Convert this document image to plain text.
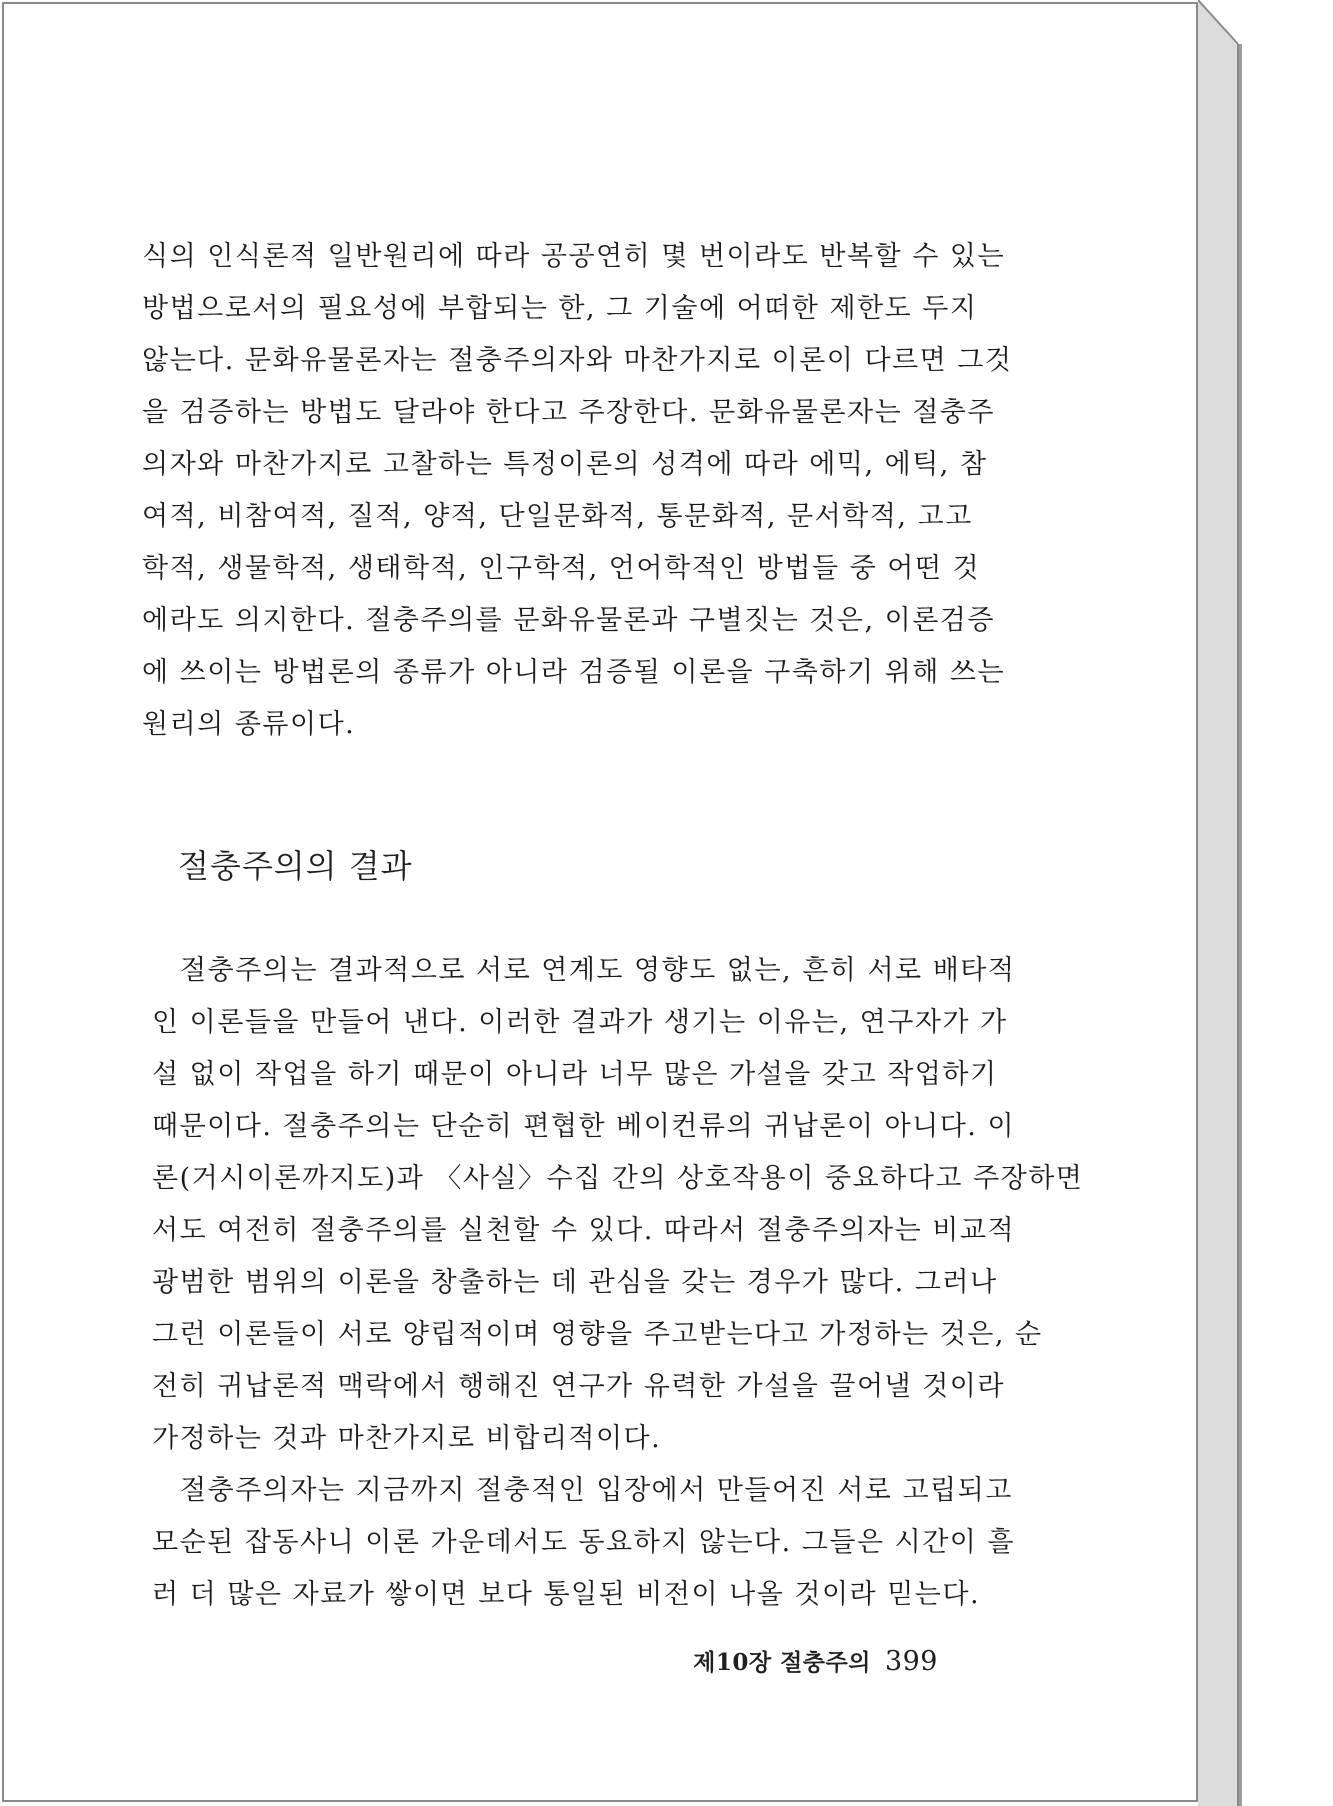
식의 인식론적 일반원리에 따라 공공연히 몇 번이라도 반복할 수 있는
방법으로서의 필요성에 부합되는 한, 그 기술에 어떠한 제한도 두지
않는다. 문화유물론자는 절충주의자와 마찬가지로 이론이 다르면 그것
을 검증하는 방법도 달라야 한다고 주장한다. 문화유물론자는 절충주
의자와 마찬가지로 고찰하는 특정이론의 성격에 따라 에믹, 에틱, 참
여적, 비참여적, 질적, 양적, 단일문화적, 통문화적, 문서학적, 고고
학적, 생물학적, 생태학적, 인구학적, 언어학적인 방법들 중 어떤 것
에라도 의지한다. 절충주의를 문화유물론과 구별짓는 것은, 이론검증
에 쓰이는 방법론의 종류가 아니라 검증될 이론을 구축하기 위해 쓰는
원리의 종류이다.
절충주의의 결과
절충주의는 결과적으로 서로 연계도 영향도 없는, 흔히 서로 배타적
인 이론들을 만들어 낸다. 이러한 결과가 생기는 이유는, 연구자가 가
설 없이 작업을 하기 때문이 아니라 너무 많은 가설을 갖고 작업하기
때문이다. 절충주의는 단순히 편협한 베이컨류의 귀납론이 아니다. 이
론(거시이론까지도)과 〈사실〉수집 간의 상호작용이 중요하다고 주장하면
서도 여전히 절충주의를 실천할 수 있다. 따라서 절충주의자는 비교적
광범한 범위의 이론을 창출하는 데 관심을 갖는 경우가 많다. 그러나
그런 이론들이 서로 양립적이며 영향을 주고받는다고 가정하는 것은, 순
전히 귀납론적 맥락에서 행해진 연구가 유력한 가설을 끌어낼 것이라
가정하는 것과 마찬가지로 비합리적이다.
절충주의자는 지금까지 절충적인 입장에서 만들어진 서로 고립되고
모순된 잡동사니 이론 가운데서도 동요하지 않는다. 그들은 시간이 흘
러 더 많은 자료가 쌓이면 보다 통일된 비전이 나올 것이라 믿는다.
제10장 절충주의 399
